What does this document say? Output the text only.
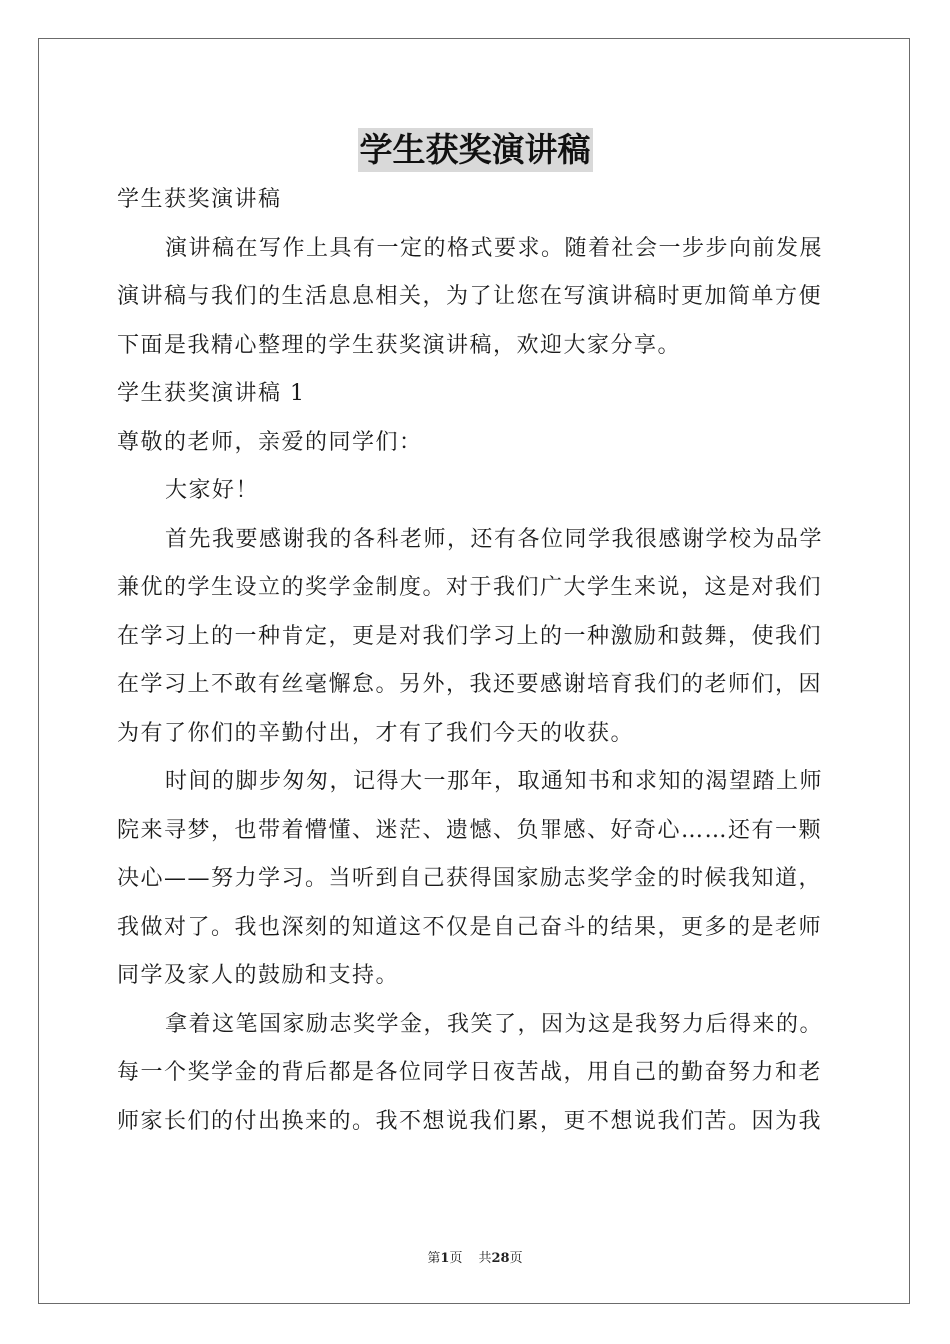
学生获奖演讲稿
学生获奖演讲稿
演讲稿在写作上具有一定的格式要求。随着社会一步步向前发展
演讲稿与我们的生活息息相关，为了让您在写演讲稿时更加简单方便
下面是我精心整理的学生获奖演讲稿，欢迎大家分享。
学生获奖演讲稿 1
尊敬的老师，亲爱的同学们：
大家好！
首先我要感谢我的各科老师，还有各位同学我很感谢学校为品学
兼优的学生设立的奖学金制度。对于我们广大学生来说，这是对我们
在学习上的一种肯定，更是对我们学习上的一种激励和鼓舞，使我们
在学习上不敢有丝毫懈怠。另外，我还要感谢培育我们的老师们，因
为有了你们的辛勤付出，才有了我们今天的收获。
时间的脚步匆匆，记得大一那年，取通知书和求知的渴望踏上师
院来寻梦，也带着懵懂、迷茫、遗憾、负罪感、好奇心……还有一颗
决心——努力学习。当听到自己获得国家励志奖学金的时候我知道，
我做对了。我也深刻的知道这不仅是自己奋斗的结果，更多的是老师
同学及家人的鼓励和支持。
拿着这笔国家励志奖学金，我笑了，因为这是我努力后得来的。
每一个奖学金的背后都是各位同学日夜苦战，用自己的勤奋努力和老
师家长们的付出换来的。我不想说我们累，更不想说我们苦。因为我
第1页 共28页
